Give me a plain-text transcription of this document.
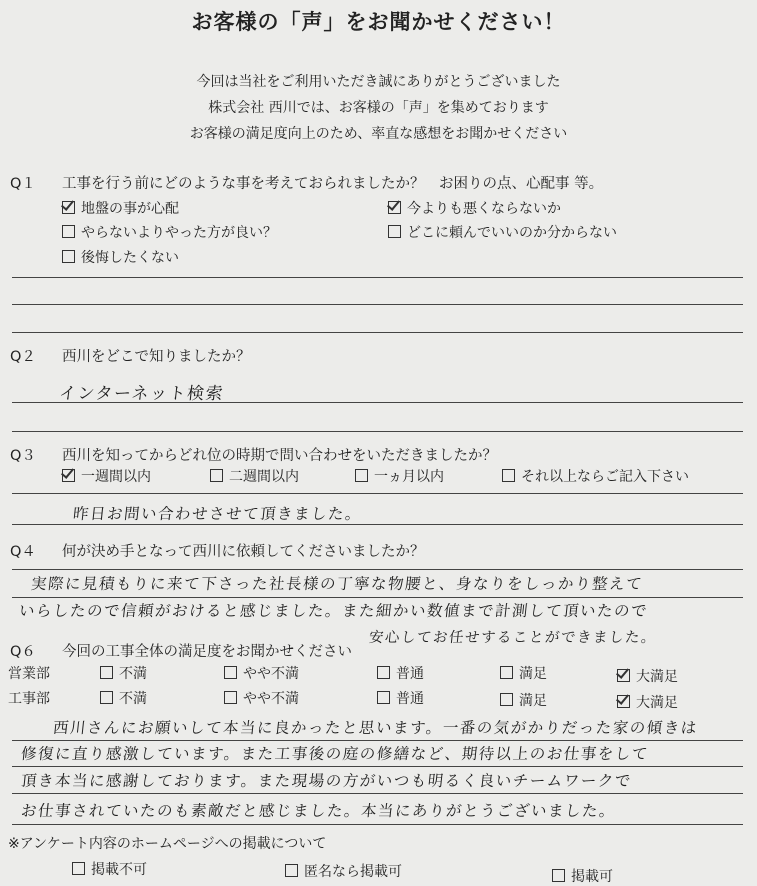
お客様の「声」をお聞かせください！
今回は当社をご利用いただき誠にありがとうございました
株式会社 西川では、お客様の「声」を集めております
お客様の満足度向上のため、率直な感想をお聞かせください
Q１ 工事を行う前にどのような事を考えておられましたか？　お困りの点、心配事 等。
地盤の事が心配	今よりも悪くならないか
やらないよりやった方が良い？	どこに頼んでいいのか分からない
後悔したくない
Q２ 西川をどこで知りましたか？
インターネット検索
Q３ 西川を知ってからどれ位の時期で問い合わせをいただきましたか？
一週間以内	二週間以内	一ヵ月以内	それ以上ならご記入下さい
昨日お問い合わせさせて頂きました。
Q４ 何が決め手となって西川に依頼してくださいましたか？
実際に見積もりに来て下さった社長様の丁寧な物腰と、身なりをしっかり整えて
いらしたので信頼がおけると感じました。また細かい数値まで計測して頂いたので
安心してお任せすることができました。
Q６ 今回の工事全体の満足度をお聞かせください
営業部	不満	やや不満	普通	満足	大満足
工事部	不満	やや不満	普通	満足	大満足
西川さんにお願いして本当に良かったと思います。一番の気がかりだった家の傾きは
修復に直り感激しています。また工事後の庭の修繕など、期待以上のお仕事をして
頂き本当に感謝しております。また現場の方がいつも明るく良いチームワークで
お仕事されていたのも素敵だと感じました。本当にありがとうございました。
※アンケート内容のホームページへの掲載について
掲載不可	匿名なら掲載可	掲載可
